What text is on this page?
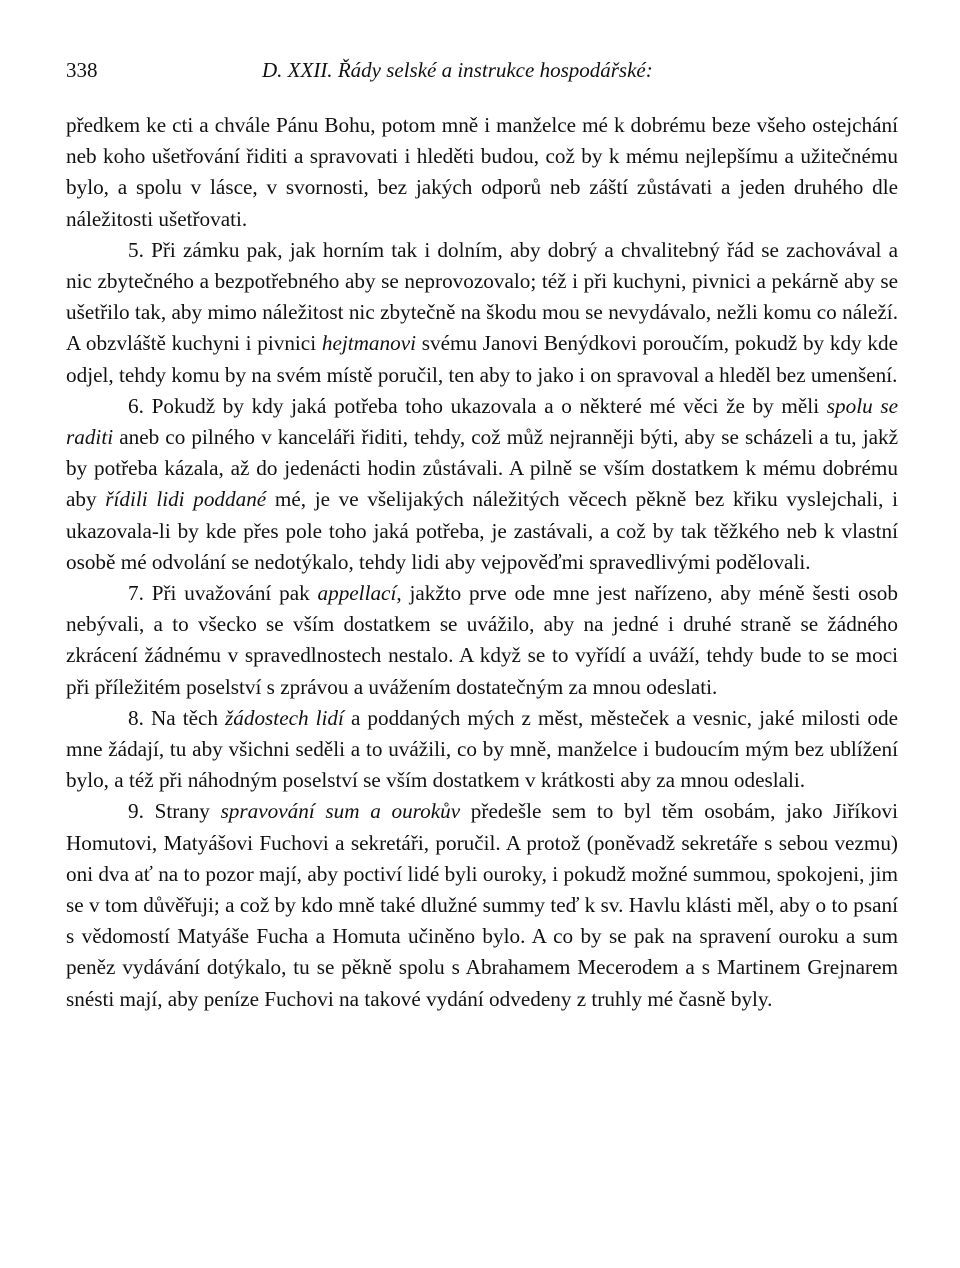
338	D. XXII. Řády selské a instrukce hospodářské:

předkem ke cti a chvále Pánu Bohu, potom mně i manželce mé k dobrému beze všeho ostejchání neb koho ušetřování řiditi a spravovati i hleděti budou, což by k mému nejlepšímu a užitečnému bylo, a spolu v lásce, v svornosti, bez jakých odporů neb záští zůstávati a jeden druhého dle náležitosti ušetřovati.

5. Při zámku pak, jak horním tak i dolním, aby dobrý a chvalitebný řád se zachovával a nic zbytečného a bezpotřebného aby se neprovozovalo; též i při kuchyni, pivnici a pekárně aby se ušetřilo tak, aby mimo náležitost nic zbytečně na škodu mou se nevydávalo, nežli komu co náleží. A obzvláště kuchyni i pivnici hejtmanovi svému Janovi Benýdkovi poroučím, pokudž by kdy kde odjel, tehdy komu by na svém místě poručil, ten aby to jako i on spravoval a hleděl bez umenšení.

6. Pokudž by kdy jaká potřeba toho ukazovala a o některé mé věci že by měli spolu se raditi aneb co pilného v kanceláři řiditi, tehdy, což můž nejranněji býti, aby se scházeli a tu, jakž by potřeba kázala, až do jedenácti hodin zůstávali. A pilně se vším dostatkem k mému dobrému aby řídili lidi poddané mé, je ve všelijakých náležitých věcech pěkně bez křiku vyslejchali, i ukazovala-li by kde přes pole toho jaká potřeba, je zastávali, a což by tak těžkého neb k vlastní osobě mé odvolání se nedotýkalo, tehdy lidi aby vejpověďmi spravedlivými podělovali.

7. Při uvažování pak appellací, jakžto prve ode mne jest nařízeno, aby méně šesti osob nebývali, a to všecko se vším dostatkem se uvážilo, aby na jedné i druhé straně se žádného zkrácení žádnému v spravedlnostech nestalo. A když se to vyřídí a uváží, tehdy bude to se moci při příležitém poselství s zprávou a uvážením dostatečným za mnou odeslati.

8. Na těch žádostech lidí a poddaných mých z měst, městeček a vesnic, jaké milosti ode mne žádají, tu aby všichni seděli a to uvážili, co by mně, manželce i budoucím mým bez ublížení bylo, a též při náhodným poselství se vším dostatkem v krátkosti aby za mnou odeslali.

9. Strany spravování sum a ourokův předešle sem to byl těm osobám, jako Jiříkovi Homutovi, Matyášovi Fuchovi a sekretáři, poručil. A protož (poněvadž sekretáře s sebou vezmu) oni dva ať na to pozor mají, aby poctiví lidé byli ouroky, i pokudž možné summou, spokojeni, jim se v tom důvěřuji; a což by kdo mně také dlužné summy teď k sv. Havlu klásti měl, aby o to psaní s vědomostí Matyáše Fucha a Homuta učiněno bylo. A co by se pak na spravení ouroku a sum peněz vydávání dotýkalo, tu se pěkně spolu s Abrahamem Mecerodem a s Martinem Grejnarem snésti mají, aby peníze Fuchovi na takové vydání odvedeny z truhly mé časně byly.
